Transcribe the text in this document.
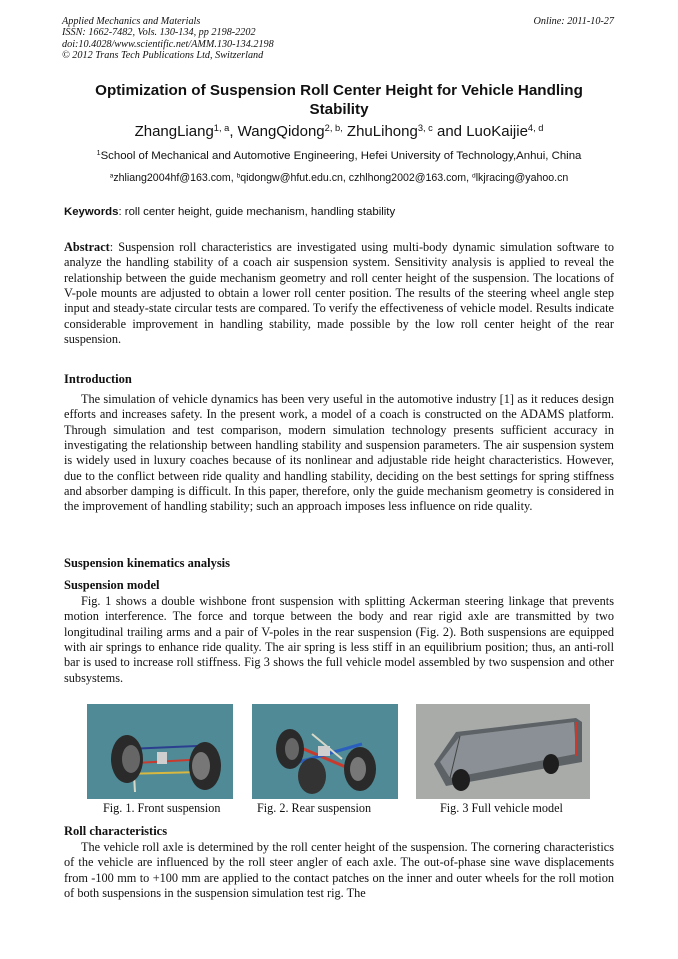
Applied Mechanics and Materials
ISSN: 1662-7482, Vols. 130-134, pp 2198-2202
doi:10.4028/www.scientific.net/AMM.130-134.2198
© 2012 Trans Tech Publications Ltd, Switzerland
Online: 2011-10-27
Optimization of Suspension Roll Center Height for Vehicle Handling Stability
ZhangLiang$^{1, a}$, WangQidong$^{2, b,}$ ZhuLihong$^{3, c}$ and LuoKaijie$^{4, d}$
$^1$School of Mechanical and Automotive Engineering, Hefei University of Technology,Anhui, China
$^a$zhliang2004hf@163.com, $^b$qidongw@hfut.edu.cn, czhlhong2002@163.com, $^d$lkjracing@yahoo.cn
Keywords: roll center height, guide mechanism, handling stability
Abstract: Suspension roll characteristics are investigated using multi-body dynamic simulation software to analyze the handling stability of a coach air suspension system. Sensitivity analysis is applied to reveal the relationship between the guide mechanism geometry and roll center height of the suspension. The locations of V-pole mounts are adjusted to obtain a lower roll center position. The results of the steering wheel angle step input and steady-state circular tests are compared. To verify the effectiveness of vehicle model. Results indicate considerable improvement in handling stability, made possible by the low roll center height of the rear suspension.
Introduction
The simulation of vehicle dynamics has been very useful in the automotive industry [1] as it reduces design efforts and increases safety. In the present work, a model of a coach is constructed on the ADAMS platform. Through simulation and test comparison, modern simulation technology presents sufficient accuracy in investigating the relationship between handling stability and suspension parameters. The air suspension system is widely used in luxury coaches because of its nonlinear and adjustable ride height characteristics. However, due to the conflict between ride quality and handling stability, deciding on the best settings for spring stiffness and absorber damping is difficult. In this paper, therefore, only the guide mechanism geometry is considered in the improvement of handling stability; such an approach imposes less influence on ride quality.
Suspension kinematics analysis
Suspension model
Fig. 1 shows a double wishbone front suspension with splitting Ackerman steering linkage that prevents motion interference. The force and torque between the body and rear rigid axle are transmitted by two longitudinal trailing arms and a pair of V-poles in the rear suspension (Fig. 2). Both suspensions are equipped with air springs to enhance ride quality. The air spring is less stiff in an equilibrium position; thus, an anti-roll bar is used to increase roll stiffness. Fig 3 shows the full vehicle model assembled by two suspension and other subsystems.
Fig. 1. Front suspension	Fig. 2. Rear suspension	Fig. 3 Full vehicle model
Roll characteristics
The vehicle roll axle is determined by the roll center height of the suspension. The cornering characteristics of the vehicle are influenced by the roll steer angler of each axle. The out-of-phase sine wave displacements from -100 mm to +100 mm are applied to the contact patches on the inner and outer wheels for the roll motion of both suspensions in the suspension simulation test rig. The
